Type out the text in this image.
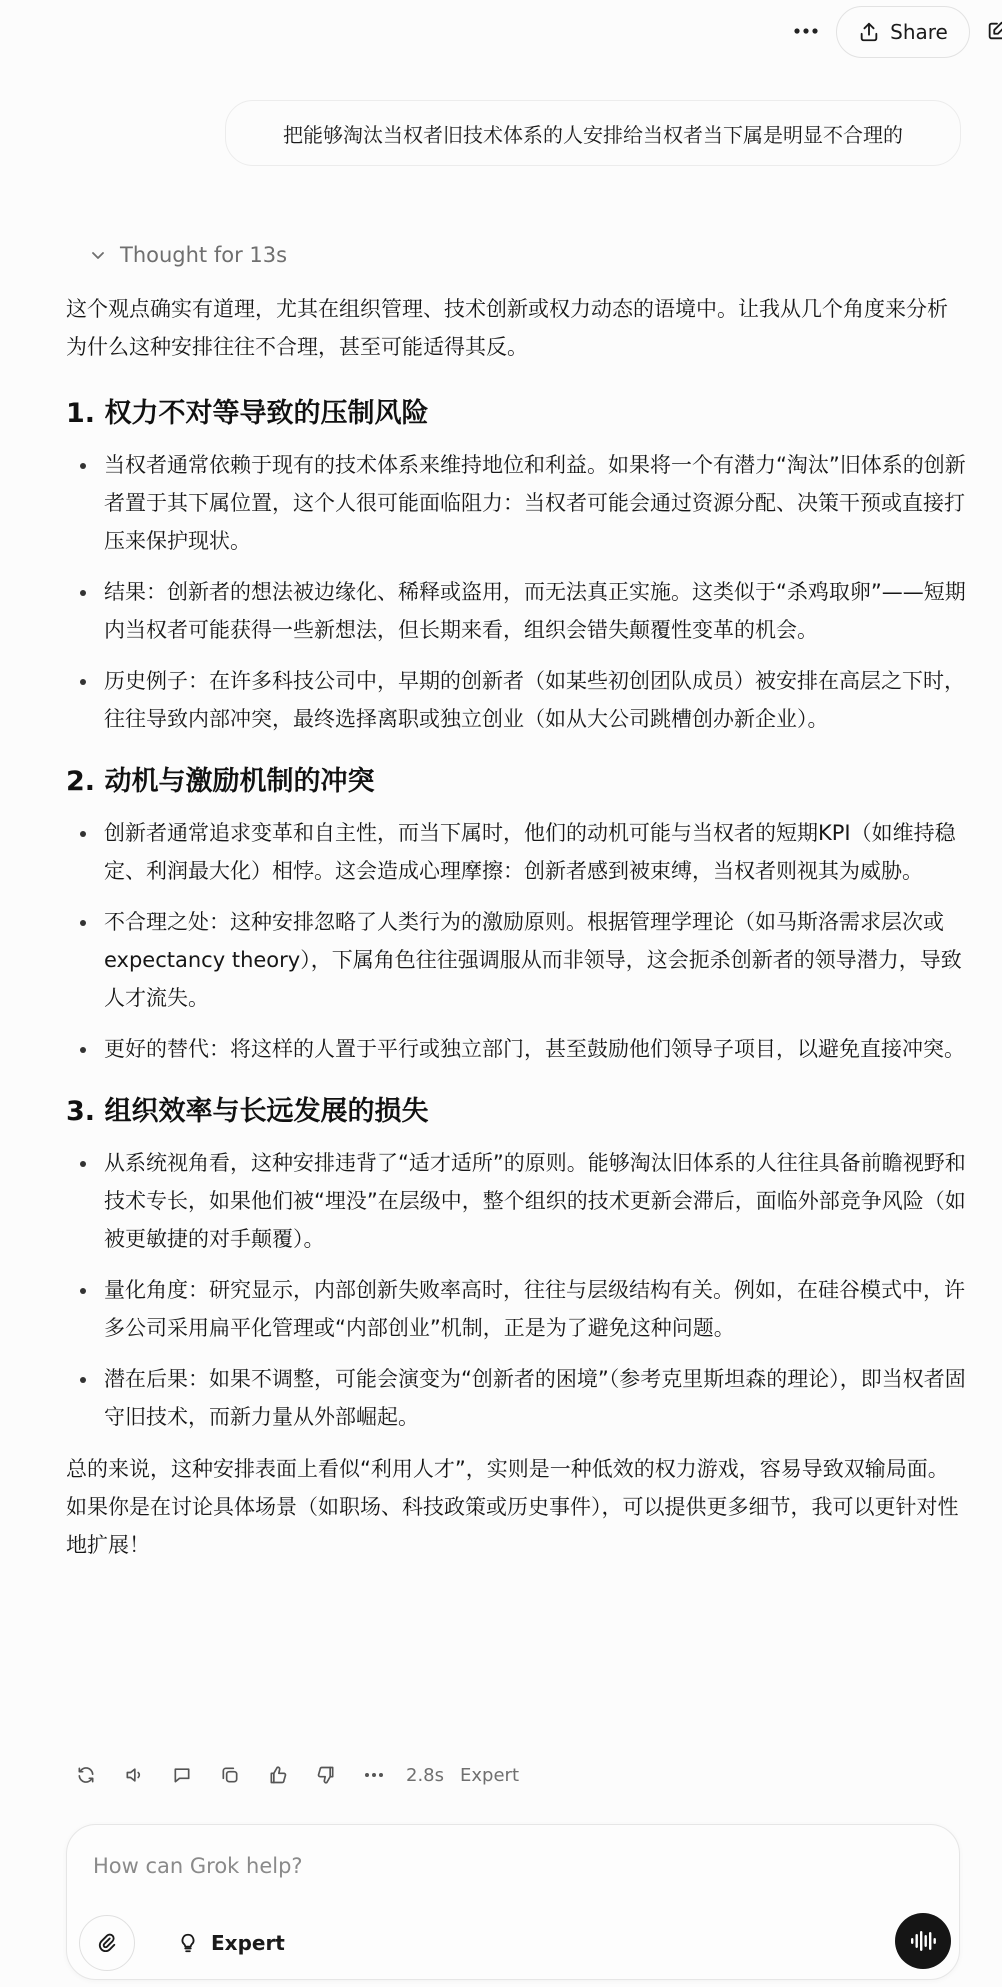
Share
把能够淘汰当权者旧技术体系的人安排给当权者当下属是明显不合理的
Thought for 13s

这个观点确实有道理，尤其在组织管理、技术创新或权力动态的语境中。让我从几个角度来分析为什么这种安排往往不合理，甚至可能适得其反。

1. 权力不对等导致的压制风险
当权者通常依赖于现有的技术体系来维持地位和利益。如果将一个有潜力“淘汰”旧体系的创新者置于其下属位置，这个人很可能面临阻力：当权者可能会通过资源分配、决策干预或直接打压来保护现状。
结果：创新者的想法被边缘化、稀释或盗用，而无法真正实施。这类似于“杀鸡取卵”——短期内当权者可能获得一些新想法，但长期来看，组织会错失颠覆性变革的机会。
历史例子：在许多科技公司中，早期的创新者（如某些初创团队成员）被安排在高层之下时，往往导致内部冲突，最终选择离职或独立创业（如从大公司跳槽创办新企业）。
2. 动机与激励机制的冲突
创新者通常追求变革和自主性，而当下属时，他们的动机可能与当权者的短期KPI（如维持稳定、利润最大化）相悖。这会造成心理摩擦：创新者感到被束缚，当权者则视其为威胁。
不合理之处：这种安排忽略了人类行为的激励原则。根据管理学理论（如马斯洛需求层次或 expectancy theory），下属角色往往强调服从而非领导，这会扼杀创新者的领导潜力，导致人才流失。
更好的替代：将这样的人置于平行或独立部门，甚至鼓励他们领导子项目，以避免直接冲突。
3. 组织效率与长远发展的损失
从系统视角看，这种安排违背了“适才适所”的原则。能够淘汰旧体系的人往往具备前瞻视野和技术专长，如果他们被“埋没”在层级中，整个组织的技术更新会滞后，面临外部竞争风险（如被更敏捷的对手颠覆）。
量化角度：研究显示，内部创新失败率高时，往往与层级结构有关。例如，在硅谷模式中，许多公司采用扁平化管理或“内部创业”机制，正是为了避免这种问题。
潜在后果：如果不调整，可能会演变为“创新者的困境”（参考克里斯坦森的理论），即当权者固守旧技术，而新力量从外部崛起。

总的来说，这种安排表面上看似“利用人才”，实则是一种低效的权力游戏，容易导致双输局面。如果你是在讨论具体场景（如职场、科技政策或历史事件），可以提供更多细节，我可以更针对性地扩展！

2.8s Expert
How can Grok help?
Expert
